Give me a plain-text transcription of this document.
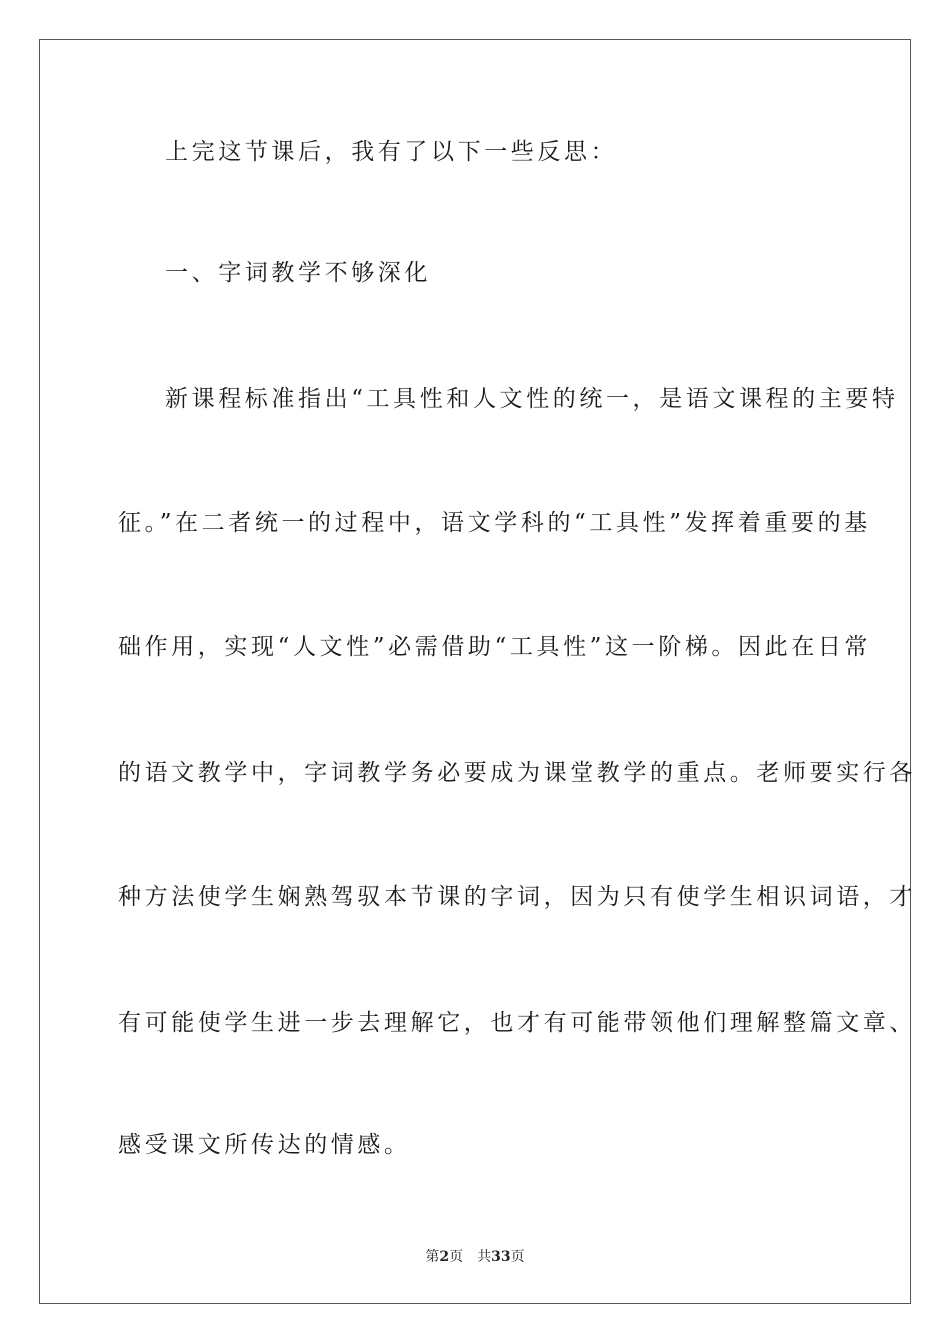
上完这节课后，我有了以下一些反思：
一、字词教学不够深化
新课程标准指出“工具性和人文性的统一，是语文课程的主要特
征。”在二者统一的过程中，语文学科的“工具性”发挥着重要的基
础作用，实现“人文性”必需借助“工具性”这一阶梯。因此在日常
的语文教学中，字词教学务必要成为课堂教学的重点。老师要实行各
种方法使学生娴熟驾驭本节课的字词，因为只有使学生相识词语，才
有可能使学生进一步去理解它，也才有可能带领他们理解整篇文章、
感受课文所传达的情感。
第2页 共33页
